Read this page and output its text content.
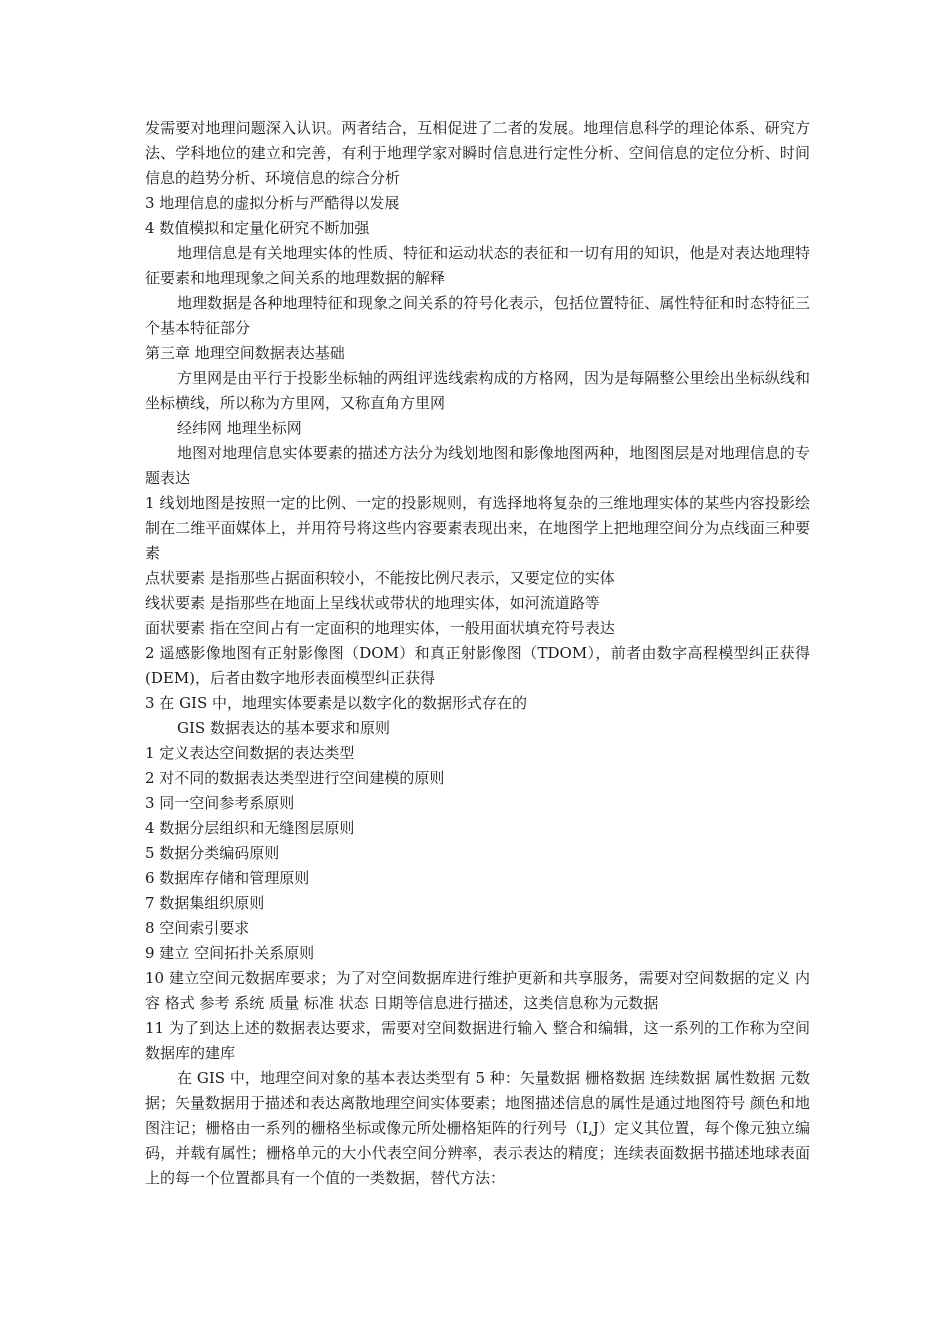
发需要对地理问题深入认识。两者结合，互相促进了二者的发展。地理信息科学的理论体系、研究方法、学科地位的建立和完善，有利于地理学家对瞬时信息进行定性分析、空间信息的定位分析、时间信息的趋势分析、环境信息的综合分析

3 地理信息的虚拟分析与严酷得以发展

4 数值模拟和定量化研究不断加强

地理信息是有关地理实体的性质、特征和运动状态的表征和一切有用的知识，他是对表达地理特征要素和地理现象之间关系的地理数据的解释

地理数据是各种地理特征和现象之间关系的符号化表示，包括位置特征、属性特征和时态特征三个基本特征部分

第三章 地理空间数据表达基础

方里网是由平行于投影坐标轴的两组评选线索构成的方格网，因为是每隔整公里绘出坐标纵线和坐标横线，所以称为方里网，又称直角方里网

经纬网 地理坐标网

地图对地理信息实体要素的描述方法分为线划地图和影像地图两种，地图图层是对地理信息的专题表达

1 线划地图是按照一定的比例、一定的投影规则，有选择地将复杂的三维地理实体的某些内容投影绘制在二维平面媒体上，并用符号将这些内容要素表现出来，在地图学上把地理空间分为点线面三种要素

点状要素 是指那些占据面积较小，不能按比例尺表示，又要定位的实体

线状要素 是指那些在地面上呈线状或带状的地理实体，如河流道路等

面状要素 指在空间占有一定面积的地理实体，一般用面状填充符号表达

2 遥感影像地图有正射影像图（DOM）和真正射影像图（TDOM），前者由数字高程模型纠正获得(DEM)，后者由数字地形表面模型纠正获得

3 在 GIS 中，地理实体要素是以数字化的数据形式存在的

GIS 数据表达的基本要求和原则

1 定义表达空间数据的表达类型

2 对不同的数据表达类型进行空间建模的原则

3 同一空间参考系原则

4 数据分层组织和无缝图层原则

5 数据分类编码原则

6 数据库存储和管理原则

7 数据集组织原则

8 空间索引要求

9 建立 空间拓扑关系原则

10 建立空间元数据库要求；为了对空间数据库进行维护更新和共享服务，需要对空间数据的定义 内容 格式 参考 系统 质量 标准 状态 日期等信息进行描述，这类信息称为元数据

11 为了到达上述的数据表达要求，需要对空间数据进行输入 整合和编辑，这一系列的工作称为空间数据库的建库

在 GIS 中，地理空间对象的基本表达类型有 5 种：矢量数据 栅格数据 连续数据 属性数据 元数据；矢量数据用于描述和表达离散地理空间实体要素；地图描述信息的属性是通过地图符号 颜色和地图注记；栅格由一系列的栅格坐标或像元所处栅格矩阵的行列号（I,J）定义其位置，每个像元独立编码，并载有属性；栅格单元的大小代表空间分辨率，表示表达的精度；连续表面数据书描述地球表面上的每一个位置都具有一个值的一类数据，替代方法：
